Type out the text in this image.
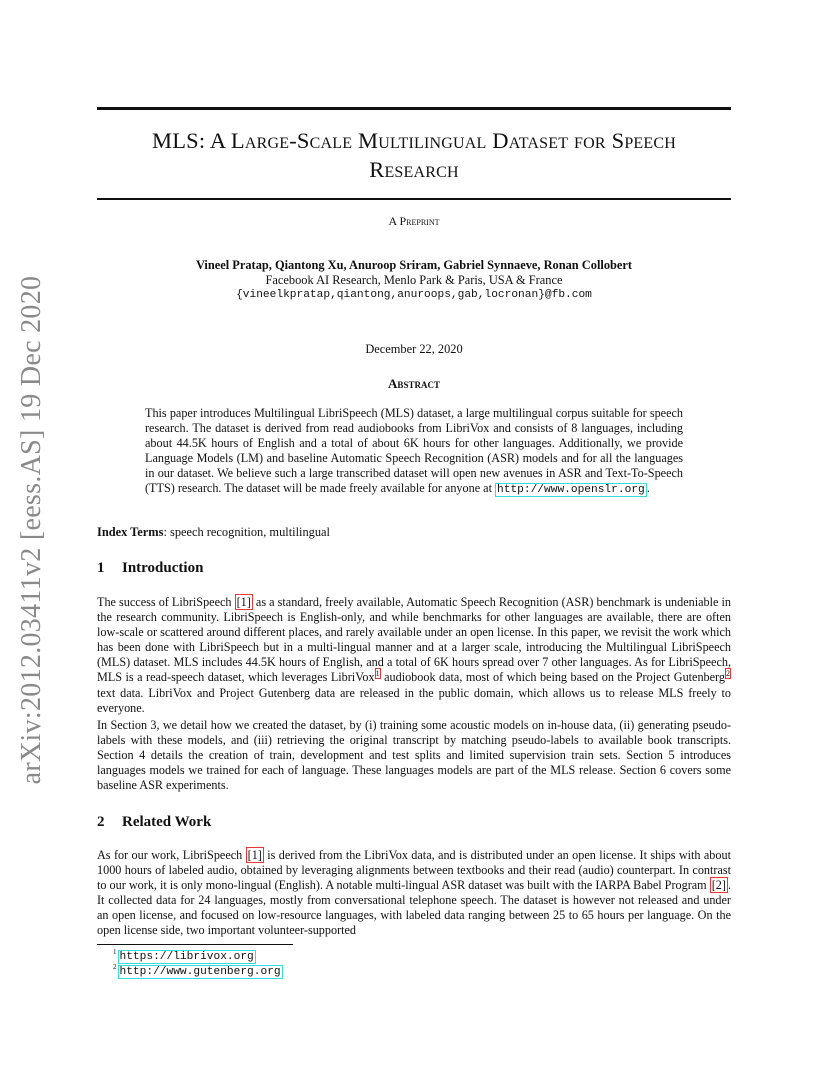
arXiv:2012.03411v2 [eess.AS] 19 Dec 2020
MLS: A Large-Scale Multilingual Dataset for Speech
Research
A Preprint
Vineel Pratap, Qiantong Xu, Anuroop Sriram, Gabriel Synnaeve, Ronan Collobert
Facebook AI Research, Menlo Park & Paris, USA & France
{vineelkpratap,qiantong,anuroops,gab,locronan}@fb.com
December 22, 2020
Abstract
This paper introduces Multilingual LibriSpeech (MLS) dataset, a large multilingual corpus suitable for speech research. The dataset is derived from read audiobooks from LibriVox and consists of 8 languages, including about 44.5K hours of English and a total of about 6K hours for other languages. Additionally, we provide Language Models (LM) and baseline Automatic Speech Recognition (ASR) models and for all the languages in our dataset. We believe such a large transcribed dataset will open new avenues in ASR and Text-To-Speech (TTS) research. The dataset will be made freely available for anyone at http://www.openslr.org .
Index Terms: speech recognition, multilingual
1 Introduction
The success of LibriSpeech [1] as a standard, freely available, Automatic Speech Recognition (ASR) benchmark is undeniable in the research community. LibriSpeech is English-only, and while benchmarks for other languages are available, there are often low-scale or scattered around different places, and rarely available under an open license. In this paper, we revisit the work which has been done with LibriSpeech but in a multi-lingual manner and at a larger scale, introducing the Multilingual LibriSpeech (MLS) dataset. MLS includes 44.5K hours of English, and a total of 6K hours spread over 7 other languages. As for LibriSpeech, MLS is a read-speech dataset, which leverages LibriVox$^1$ audiobook data, most of which being based on the Project Gutenberg$^2$ text data. LibriVox and Project Gutenberg data are released in the public domain, which allows us to release MLS freely to everyone.
In Section 3, we detail how we created the dataset, by (i) training some acoustic models on in-house data, (ii) generating pseudo-labels with these models, and (iii) retrieving the original transcript by matching pseudo-labels to available book transcripts. Section 4 details the creation of train, development and test splits and limited supervision train sets. Section 5 introduces languages models we trained for each of language. These languages models are part of the MLS release. Section 6 covers some baseline ASR experiments.
2 Related Work
As for our work, LibriSpeech [1] is derived from the LibriVox data, and is distributed under an open license. It ships with about 1000 hours of labeled audio, obtained by leveraging alignments between textbooks and their read (audio) counterpart. In contrast to our work, it is only mono-lingual (English). A notable multi-lingual ASR dataset was built with the IARPA Babel Program [2] . It collected data for 24 languages, mostly from conversational telephone speech. The dataset is however not released and under an open license, and focused on low-resource languages, with labeled data ranging between 25 to 65 hours per language. On the open license side, two important volunteer-supported
$^1$ https://librivox.org
$^2$ http://www.gutenberg.org
